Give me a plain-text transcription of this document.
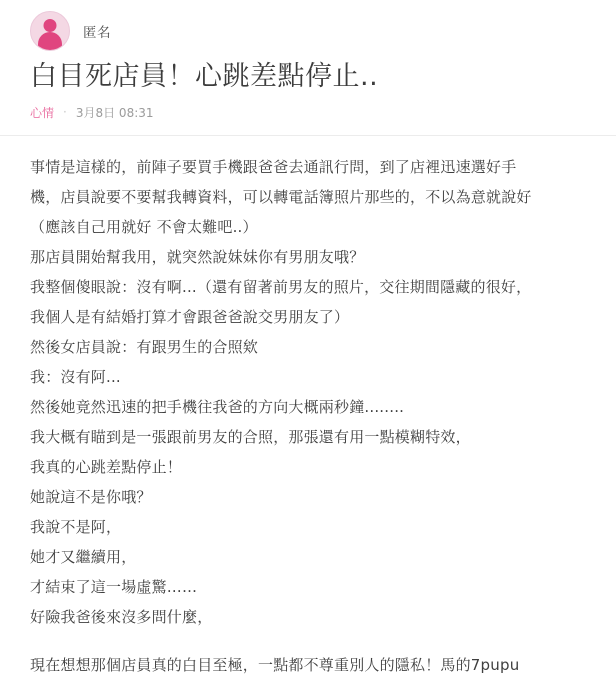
匿名
白目死店員！心跳差點停止..
心情 · 3月8日 08:31

事情是這樣的，前陣子要買手機跟爸爸去通訊行問，到了店裡迅速選好手

機，店員說要不要幫我轉資料，可以轉電話簿照片那些的，不以為意就說好

（應該自己用就好 不會太難吧..）

那店員開始幫我用，就突然說妹妹你有男朋友哦？

我整個傻眼說：沒有啊...（還有留著前男友的照片，交往期間隱藏的很好，

我個人是有結婚打算才會跟爸爸說交男朋友了）

然後女店員說：有跟男生的合照欸

我：沒有阿...

然後她竟然迅速的把手機往我爸的方向大概兩秒鐘........

我大概有瞄到是一張跟前男友的合照，那張還有用一點模糊特效，

我真的心跳差點停止！

她說這不是你哦？

我說不是阿，

她才又繼續用，

才結束了這一場虛驚……

好險我爸後來沒多問什麼，

現在想想那個店員真的白目至極，一點都不尊重別人的隱私！馬的7pupu
